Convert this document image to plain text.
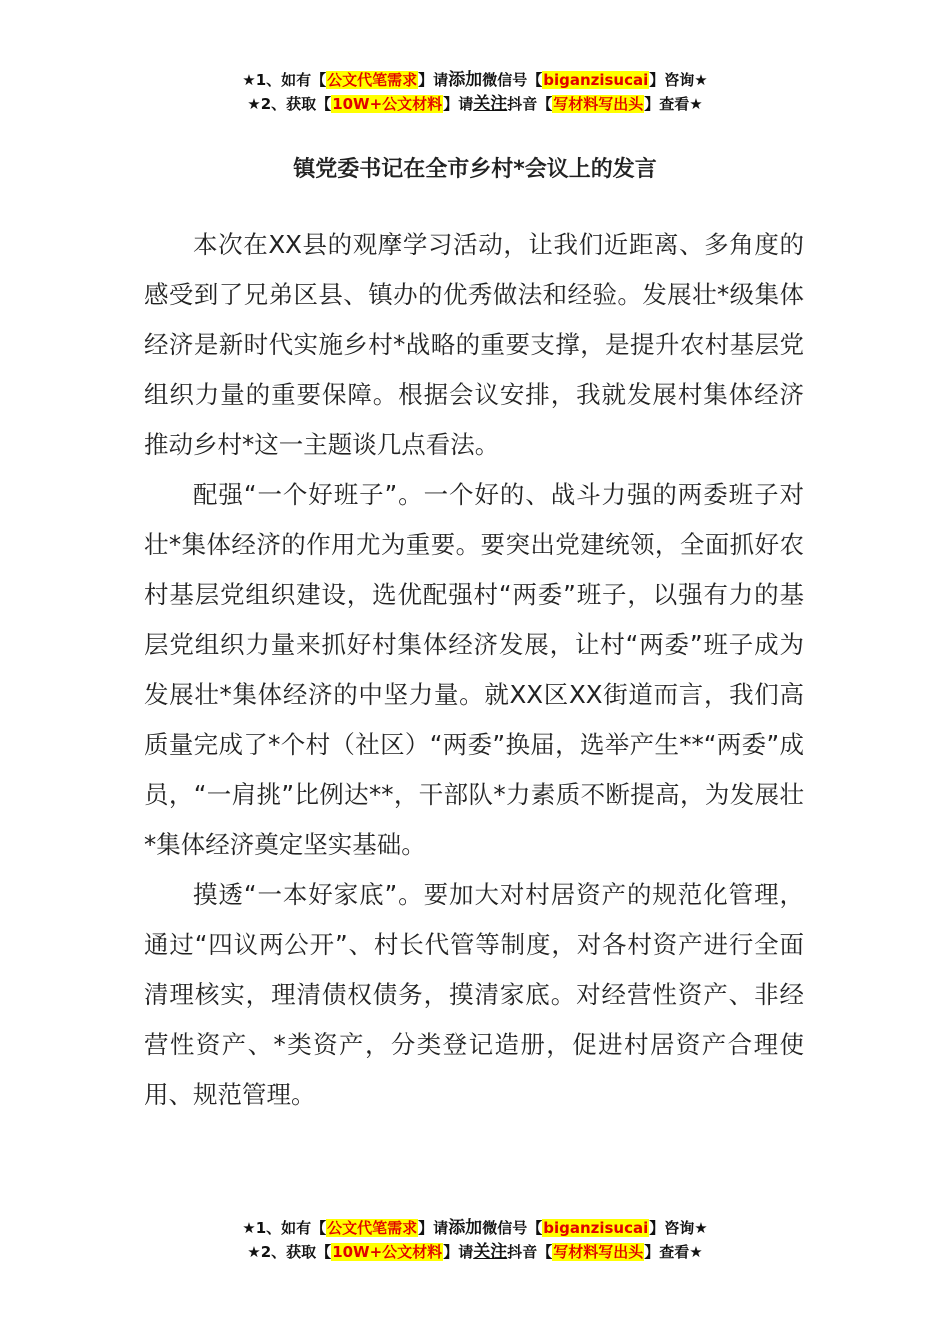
★1、如有【公文代笔需求】请添加微信号【biganzisucai】咨询★
★2、获取【10W+公文材料】请关注抖音【写材料写出头】查看★
镇党委书记在全市乡村*会议上的发言

本次在XX县的观摩学习活动，让我们近距离、多角度的感受到了兄弟区县、镇办的优秀做法和经验。发展壮*级集体经济是新时代实施乡村*战略的重要支撑，是提升农村基层党组织力量的重要保障。根据会议安排，我就发展村集体经济推动乡村*这一主题谈几点看法。

配强“一个好班子”。一个好的、战斗力强的两委班子对壮*集体经济的作用尤为重要。要突出党建统领，全面抓好农村基层党组织建设，选优配强村“两委”班子，以强有力的基层党组织力量来抓好村集体经济发展，让村“两委”班子成为发展壮*集体经济的中坚力量。就XX区XX街道而言，我们高质量完成了*个村（社区）“两委”换届，选举产生**“两委”成员，“一肩挑”比例达**，干部队*力素质不断提高，为发展壮*集体经济奠定坚实基础。

摸透“一本好家底”。要加大对村居资产的规范化管理，通过“四议两公开”、村长代管等制度，对各村资产进行全面清理核实，理清债权债务，摸清家底。对经营性资产、非经营性资产、*类资产，分类登记造册，促进村居资产合理使用、规范管理。

★1、如有【公文代笔需求】请添加微信号【biganzisucai】咨询★
★2、获取【10W+公文材料】请关注抖音【写材料写出头】查看★
